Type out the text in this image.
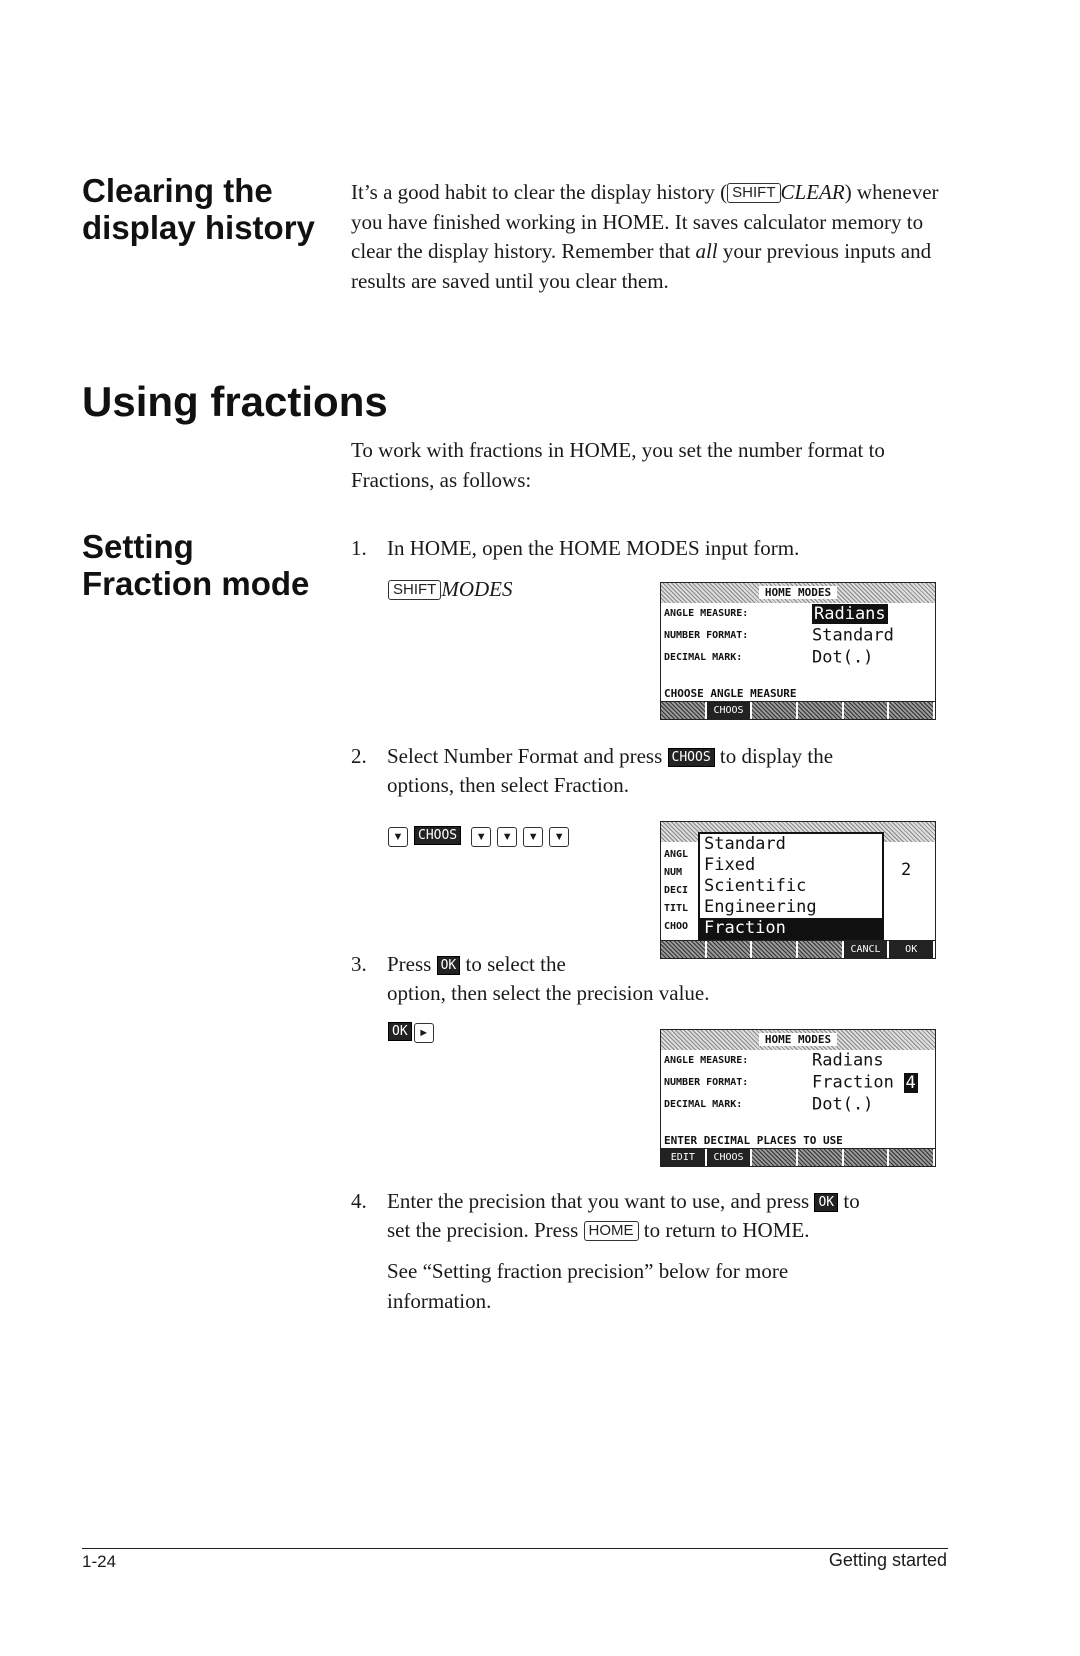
Clearing the
display history

It’s a good habit to clear the display history ( SHIFT CLEAR) whenever you have finished working in HOME. It saves calculator memory to clear the display history. Remember that all your previous inputs and results are saved until you clear them.

Using fractions
To work with fractions in HOME, you set the number format to Fractions, as follows:
Setting
Fraction mode
1. In HOME, open the HOME MODES input form.
SHIFT MODES	HOME MODES
ANGLE MEASURE:	Radians
NUMBER FORMAT:	Standard
DECIMAL MARK:	Dot(.)
CHOOSE ANGLE MEASURE
CHOOS
2. Select Number Format and press CHOOS to display the
options, then select Fraction.
▼ CHOOS ▼ ▼ ▼ ▼
ANGL
NUM
DECI
TITL
CHOO
2
Standard
Fixed
Scientific
Engineering
Fraction
CANCL	OK
3. Press OK to select the
option, then select the precision value.
OK ►	HOME MODES
ANGLE MEASURE:	Radians
NUMBER FORMAT:	Fraction 4
DECIMAL MARK:	Dot(.)
ENTER DECIMAL PLACES TO USE
EDIT	CHOOS
4. Enter the precision that you want to use, and press OK to
set the precision. Press HOME to return to HOME.
See “Setting fraction precision” below for more information.
1-24	Getting started
